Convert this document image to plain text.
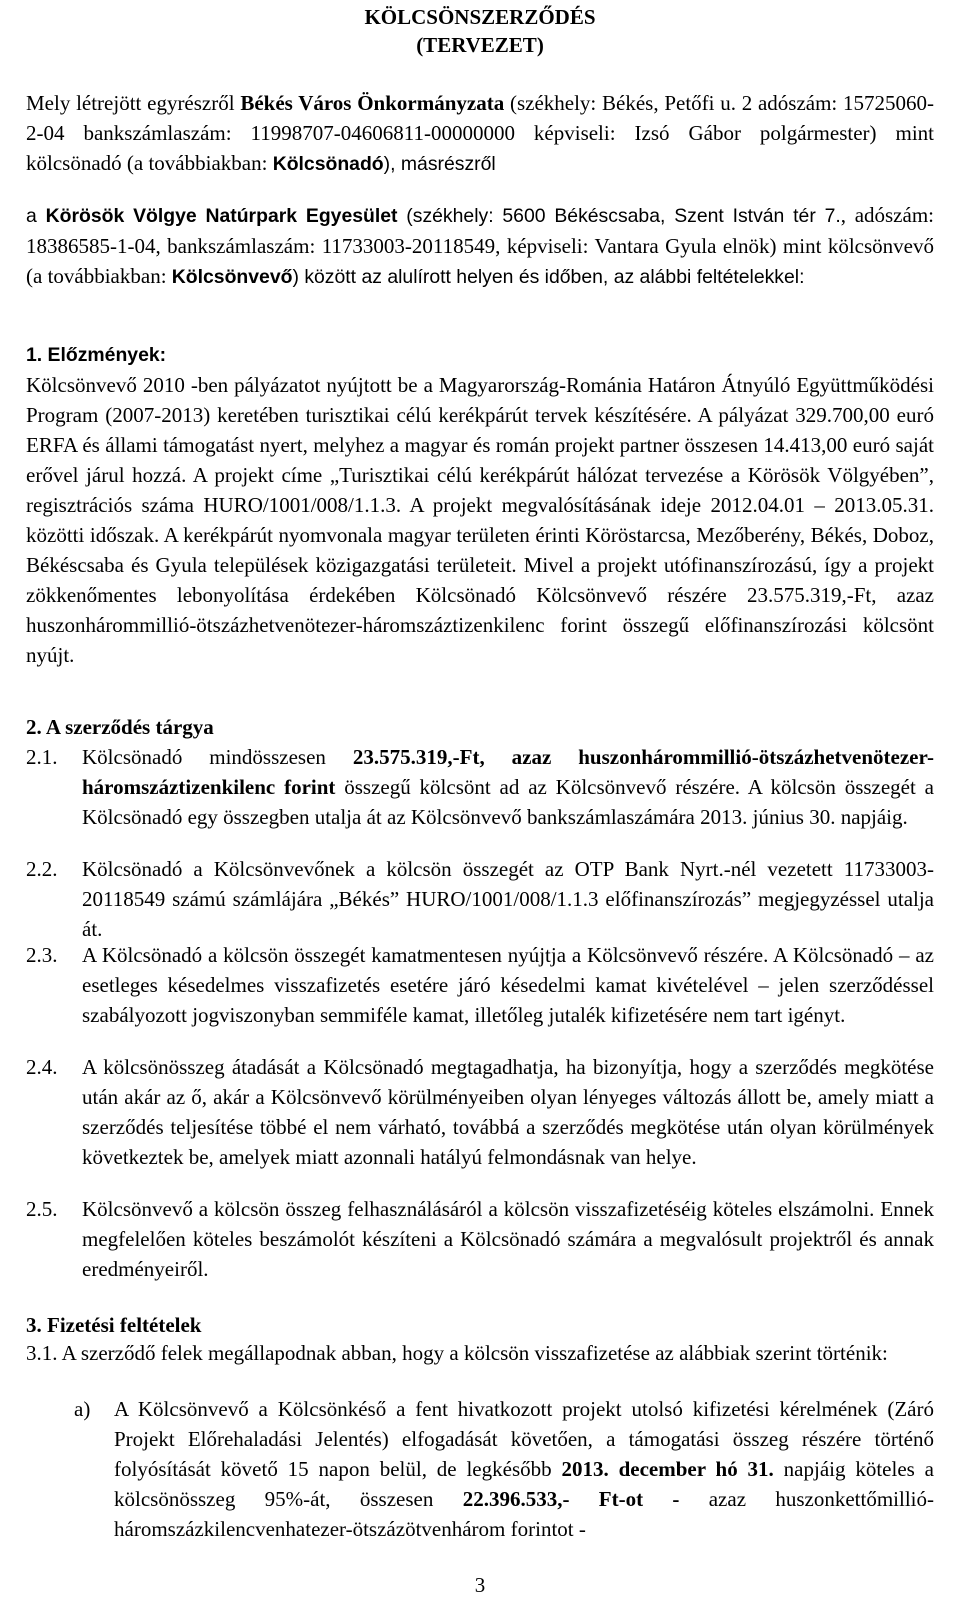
KÖLCSÖNSZERZŐDÉS
(TERVEZET)

Mely létrejött egyrészről Békés Város Önkormányzata (székhely: Békés, Petőfi u. 2 adószám: 15725060-2-04 bankszámlaszám: 11998707-04606811-00000000 képviseli: Izsó Gábor polgármester) mint kölcsönadó (a továbbiakban: Kölcsönadó), másrészről

a Körösök Völgye Natúrpark Egyesület (székhely: 5600 Békéscsaba, Szent István tér 7., adószám: 18386585-1-04, bankszámlaszám: 11733003-20118549, képviseli: Vantara Gyula elnök) mint kölcsönvevő (a továbbiakban: Kölcsönvevő) között az alulírott helyen és időben, az alábbi feltételekkel:

1. Előzmények:

Kölcsönvevő 2010 -ben pályázatot nyújtott be a Magyarország-Románia Határon Átnyúló Együttműködési Program (2007-2013) keretében turisztikai célú kerékpárút tervek készítésére. A pályázat 329.700,00 euró ERFA és állami támogatást nyert, melyhez a magyar és román projekt partner összesen 14.413,00 euró saját erővel járul hozzá. A projekt címe „Turisztikai célú kerékpárút hálózat tervezése a Körösök Völgyében”, regisztrációs száma HURO/1001/008/1.1.3. A projekt megvalósításának ideje 2012.04.01 – 2013.05.31. közötti időszak. A kerékpárút nyomvonala magyar területen érinti Köröstarcsa, Mezőberény, Békés, Doboz, Békéscsaba és Gyula települések közigazgatási területeit. Mivel a projekt utófinanszírozású, így a projekt zökkenőmentes lebonyolítása érdekében Kölcsönadó Kölcsönvevő részére 23.575.319,-Ft, azaz huszonhárommillió-ötszázhetvenötezer-háromszáztizenkilenc forint összegű előfinanszírozási kölcsönt nyújt.

2. A szerződés tárgya
2.1. Kölcsönadó mindösszesen 23.575.319,-Ft, azaz huszonhárommillió-ötszázhetvenötezer-háromszáztizenkilenc forint összegű kölcsönt ad az Kölcsönvevő részére. A kölcsön összegét a Kölcsönadó egy összegben utalja át az Kölcsönvevő bankszámlaszámára 2013. június 30. napjáig.
2.2. Kölcsönadó a Kölcsönvevőnek a kölcsön összegét az OTP Bank Nyrt.-nél vezetett 11733003-20118549 számú számlájára „Békés” HURO/1001/008/1.1.3 előfinanszírozás” megjegyzéssel utalja át.
2.3. A Kölcsönadó a kölcsön összegét kamatmentesen nyújtja a Kölcsönvevő részére. A Kölcsönadó – az esetleges késedelmes visszafizetés esetére járó késedelmi kamat kivételével – jelen szerződéssel szabályozott jogviszonyban semmiféle kamat, illetőleg jutalék kifizetésére nem tart igényt.
2.4. A kölcsönösszeg átadását a Kölcsönadó megtagadhatja, ha bizonyítja, hogy a szerződés megkötése után akár az ő, akár a Kölcsönvevő körülményeiben olyan lényeges változás állott be, amely miatt a szerződés teljesítése többé el nem várható, továbbá a szerződés megkötése után olyan körülmények következtek be, amelyek miatt azonnali hatályú felmondásnak van helye.
2.5. Kölcsönvevő a kölcsön összeg felhasználásáról a kölcsön visszafizetéséig köteles elszámolni. Ennek megfelelően köteles beszámolót készíteni a Kölcsönadó számára a megvalósult projektről és annak eredményeiről.
3. Fizetési feltételek

3.1. A szerződő felek megállapodnak abban, hogy a kölcsön visszafizetése az alábbiak szerint történik:

a) A Kölcsönvevő a Kölcsönkéső a fent hivatkozott projekt utolsó kifizetési kérelmének (Záró Projekt Előrehaladási Jelentés) elfogadását követően, a támogatási összeg részére történő folyósítását követő 15 napon belül, de legkésőbb 2013. december hó 31. napjáig köteles a kölcsönösszeg 95%-át, összesen 22.396.533,- Ft-ot - azaz huszonkettőmillió-háromszázkilencvenhatezer-ötszázötvenhárom forintot -
3
